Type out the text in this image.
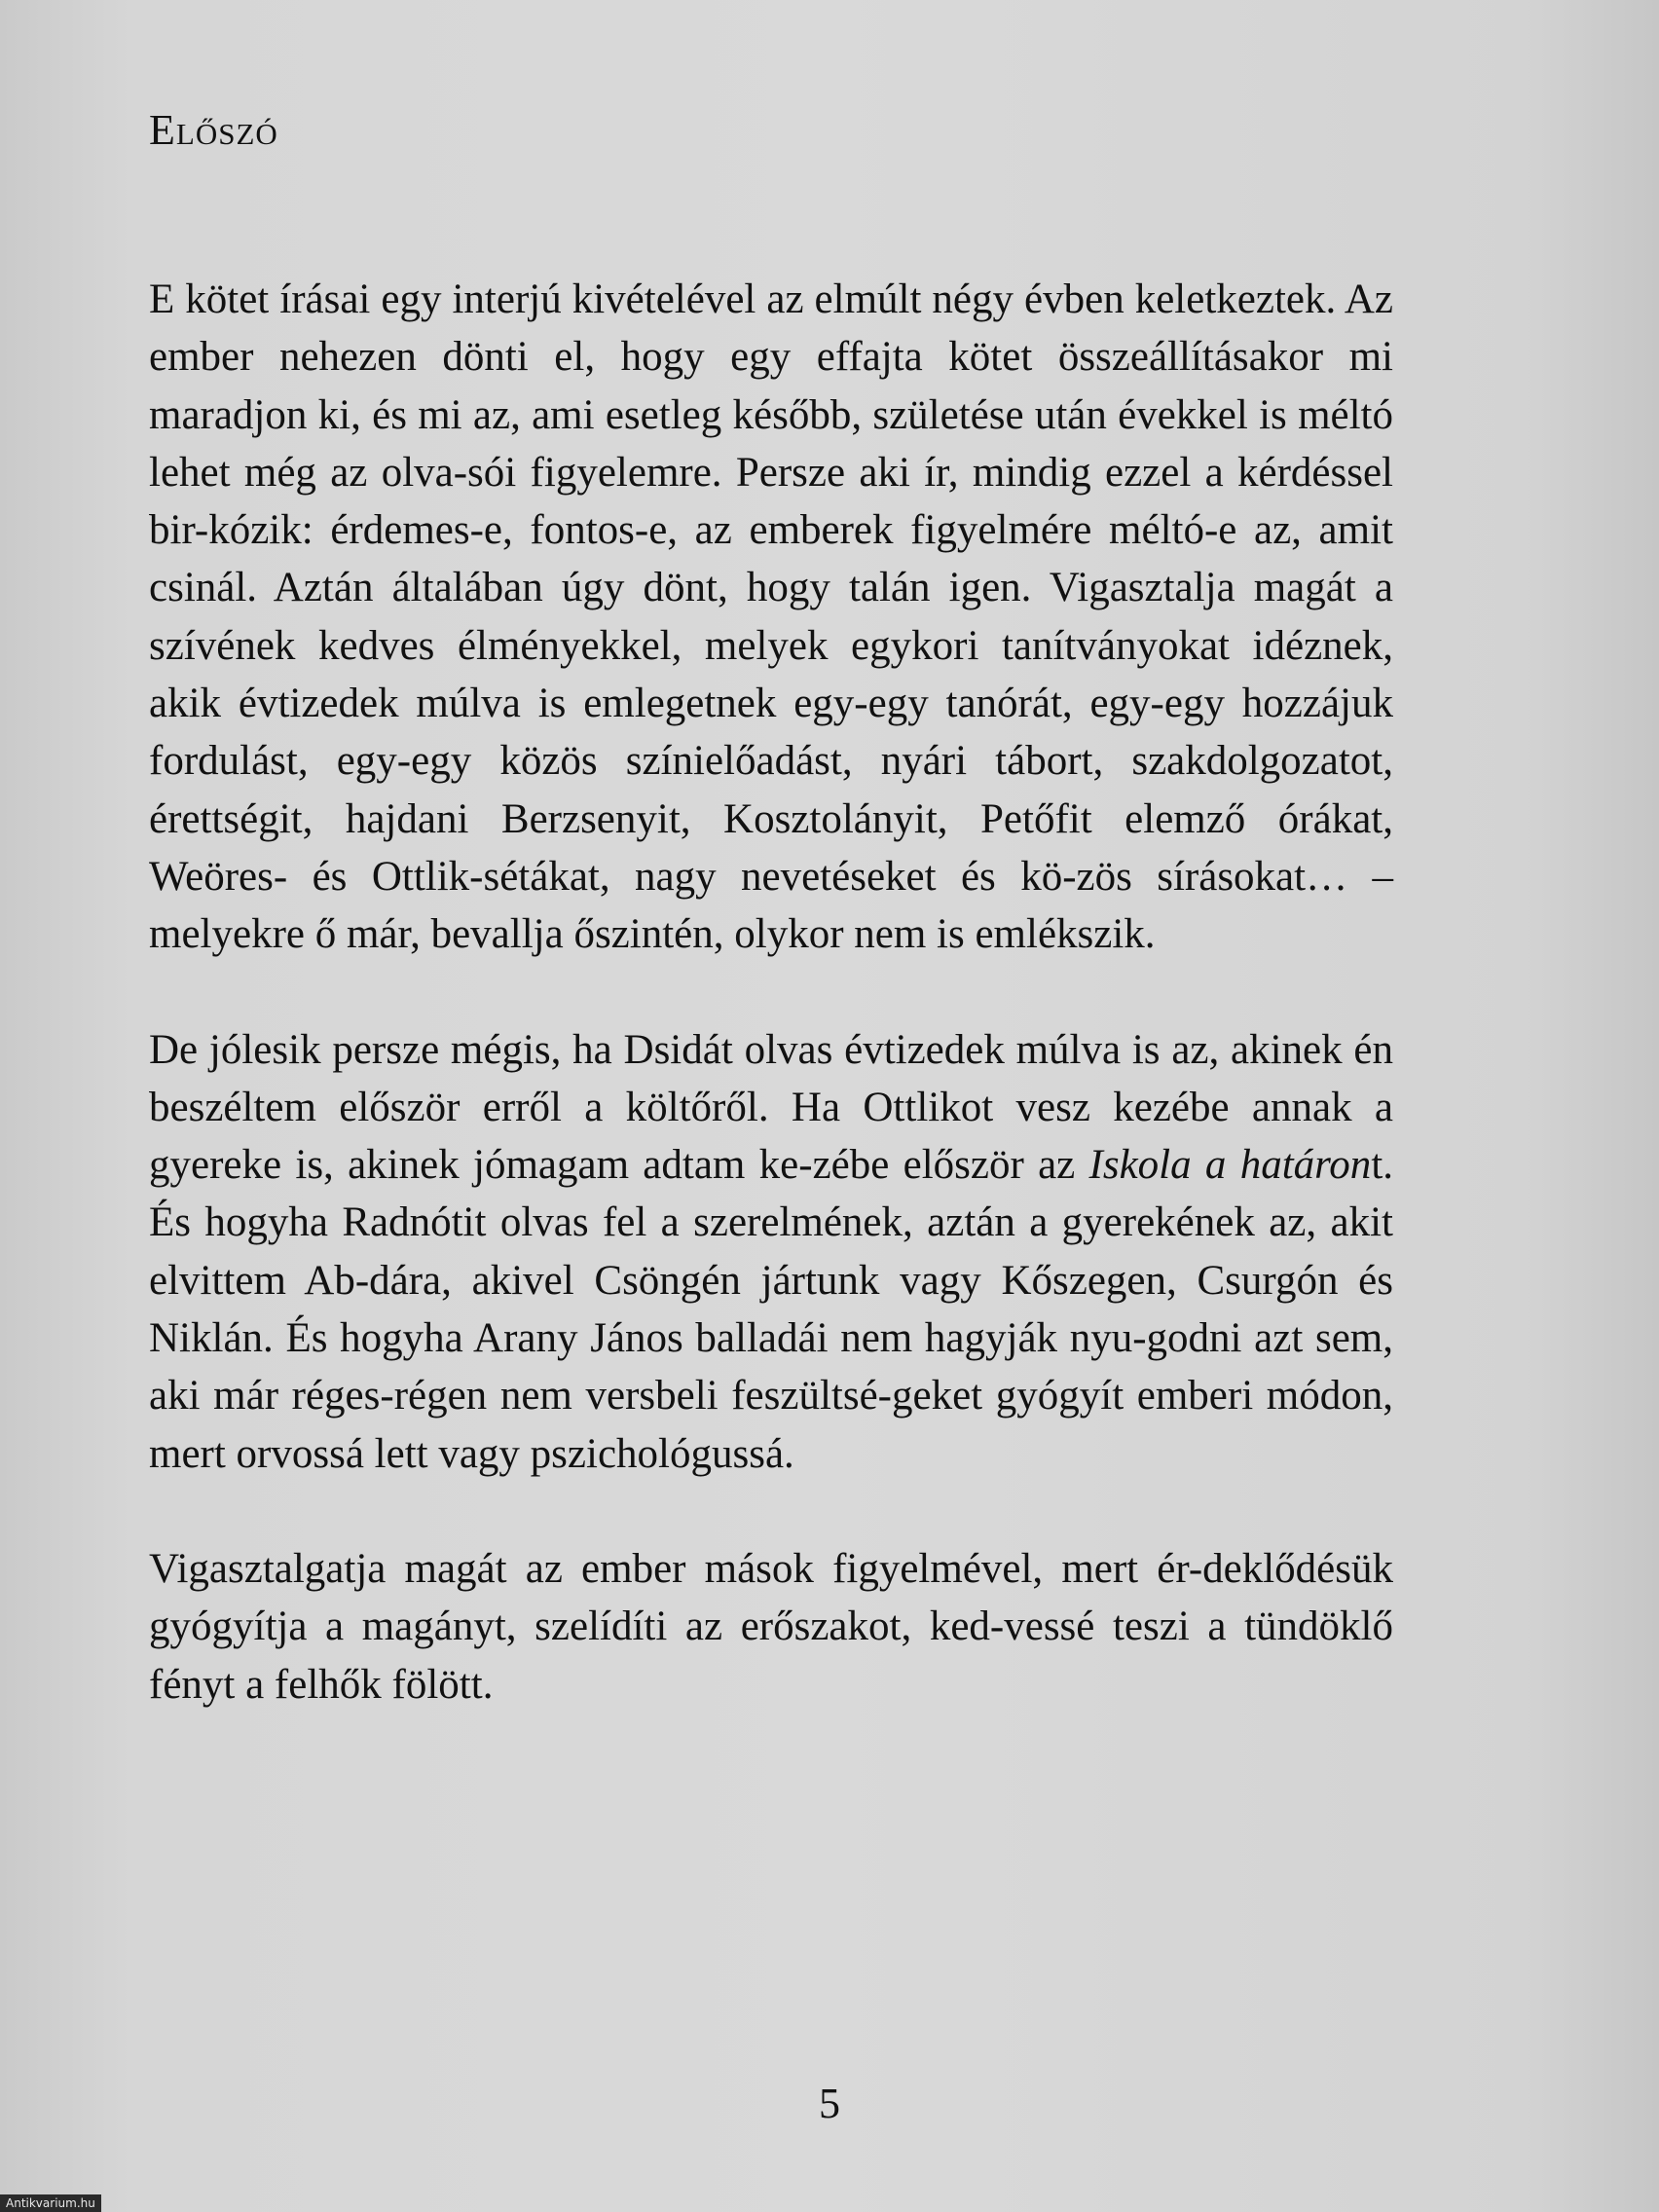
Előszó

E kötet írásai egy interjú kivételével az elmúlt négy évben keletkeztek. Az ember nehezen dönti el, hogy egy effajta kötet összeállításakor mi maradjon ki, és mi az, ami esetleg később, születése után évekkel is méltó lehet még az olva-sói figyelemre. Persze aki ír, mindig ezzel a kérdéssel bir-kózik: érdemes-e, fontos-e, az emberek figyelmére méltó-e az, amit csinál. Aztán általában úgy dönt, hogy talán igen. Vigasztalja magát a szívének kedves élményekkel, melyek egykori tanítványokat idéznek, akik évtizedek múlva is emlegetnek egy-egy tanórát, egy-egy hozzájuk fordulást, egy-egy közös színielőadást, nyári tábort, szakdolgozatot, érettségit, hajdani Berzsenyit, Kosztolányit, Petőfit elemző órákat, Weöres- és Ottlik-sétákat, nagy nevetéseket és kö-zös sírásokat… – melyekre ő már, bevallja őszintén, olykor nem is emlékszik.

De jólesik persze mégis, ha Dsidát olvas évtizedek múlva is az, akinek én beszéltem először erről a költőről. Ha Ottlikot vesz kezébe annak a gyereke is, akinek jómagam adtam ke-zébe először az Iskola a határont. És hogyha Radnótit olvas fel a szerelmének, aztán a gyerekének az, akit elvittem Ab-dára, akivel Csöngén jártunk vagy Kőszegen, Csurgón és Niklán. És hogyha Arany János balladái nem hagyják nyu-godni azt sem, aki már réges-régen nem versbeli feszültsé-geket gyógyít emberi módon, mert orvossá lett vagy pszichológussá.

Vigasztalgatja magát az ember mások figyelmével, mert ér-deklődésük gyógyítja a magányt, szelídíti az erőszakot, ked-vessé teszi a tündöklő fényt a felhők fölött.

5
Antikvarium.hu
